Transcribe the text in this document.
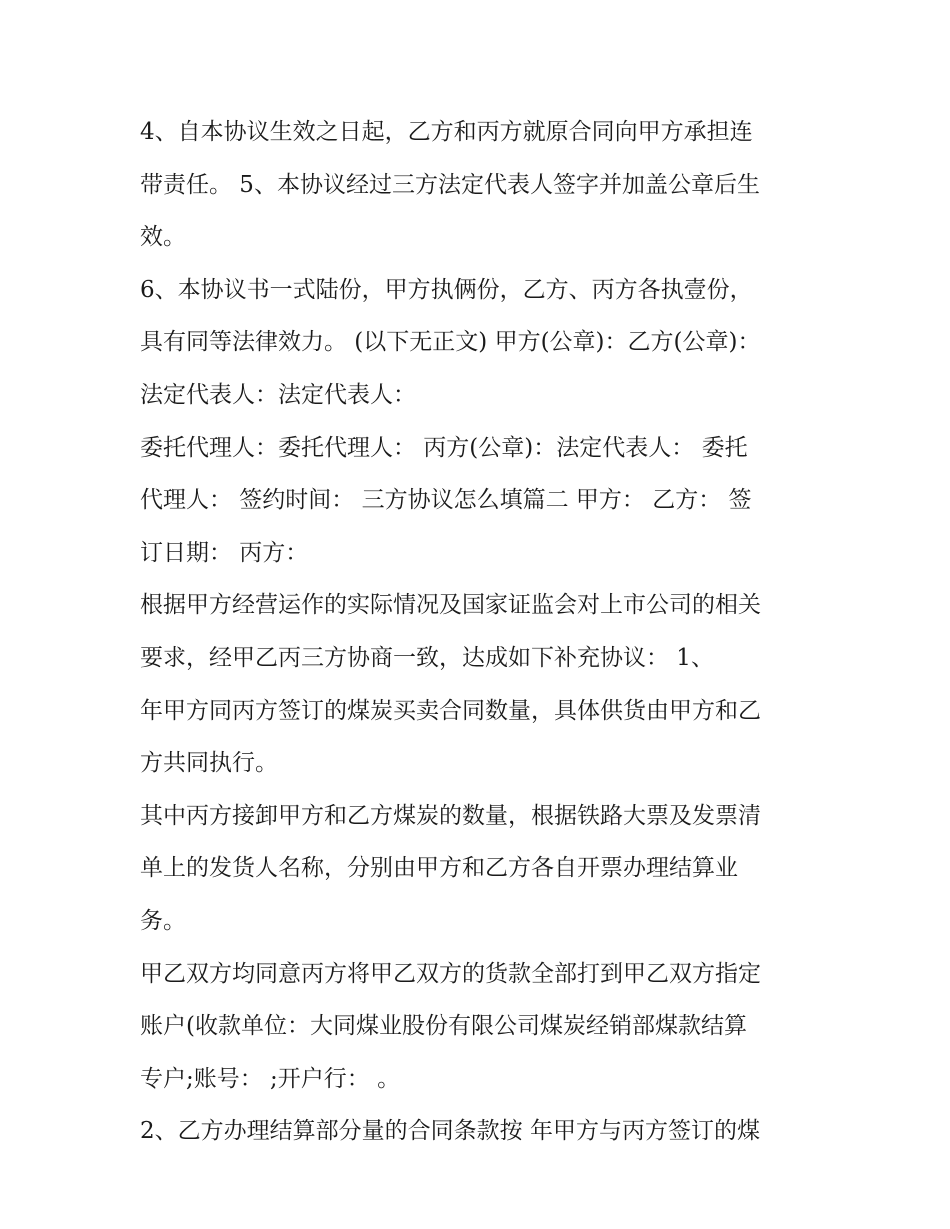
4、自本协议生效之日起，乙方和丙方就原合同向甲方承担连
带责任。 5、本协议经过三方法定代表人签字并加盖公章后生
效。
6、本协议书一式陆份，甲方执俩份，乙方、丙方各执壹份，
具有同等法律效力。 (以下无正文) 甲方(公章)：乙方(公章)：
法定代表人：法定代表人：
委托代理人：委托代理人： 丙方(公章)：法定代表人： 委托
代理人： 签约时间： 三方协议怎么填篇二 甲方： 乙方： 签
订日期： 丙方：
根据甲方经营运作的实际情况及国家证监会对上市公司的相关
要求，经甲乙丙三方协商一致，达成如下补充协议： 1、
年甲方同丙方签订的煤炭买卖合同数量，具体供货由甲方和乙
方共同执行。
其中丙方接卸甲方和乙方煤炭的数量，根据铁路大票及发票清
单上的发货人名称，分别由甲方和乙方各自开票办理结算业
务。
甲乙双方均同意丙方将甲乙双方的货款全部打到甲乙双方指定
账户(收款单位：大同煤业股份有限公司煤炭经销部煤款结算
专户;账号： ;开户行： 。
2、乙方办理结算部分量的合同条款按 年甲方与丙方签订的煤
